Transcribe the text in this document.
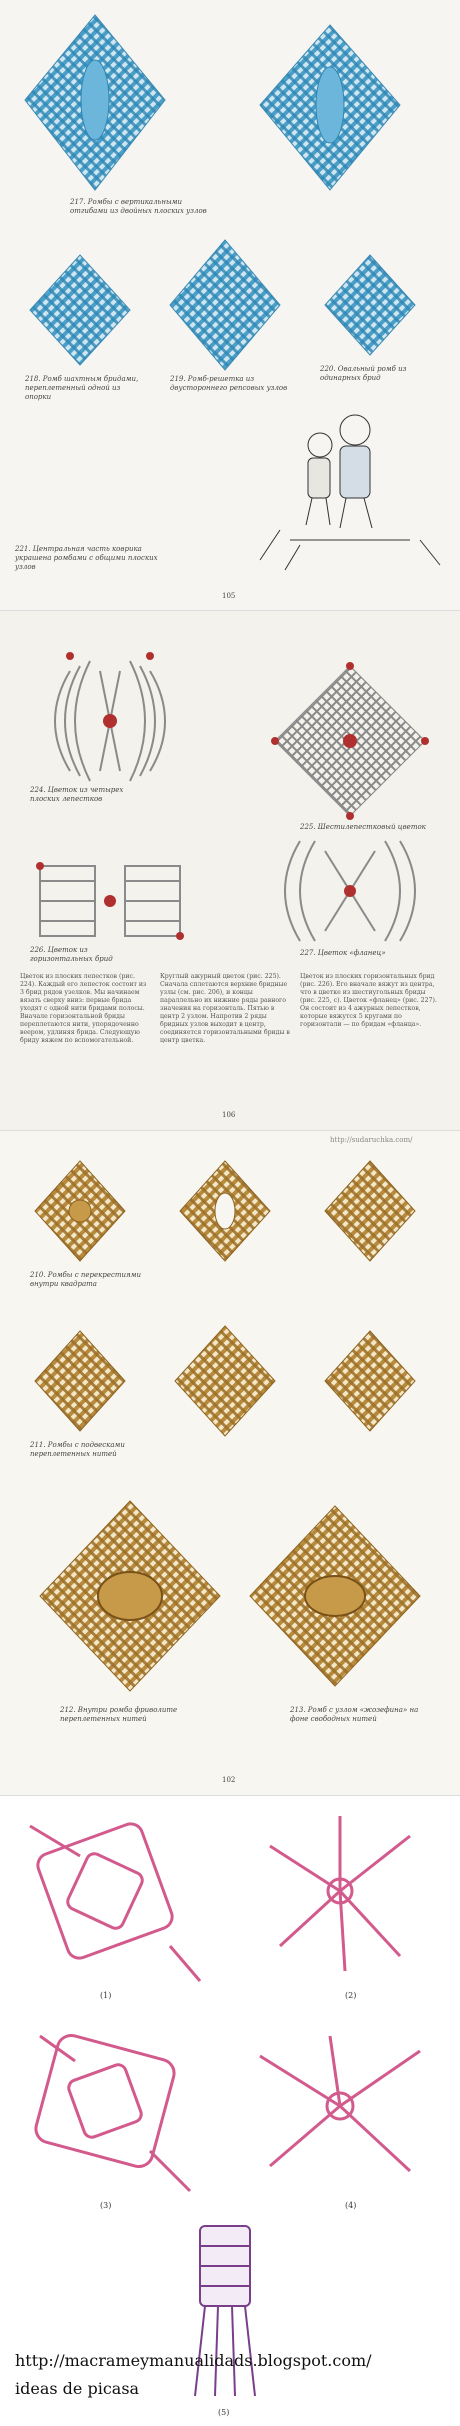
217. Ромбы с вертикальными отгибами из двойных плоских узлов
218. Ромб шахтным бридами, переплетенный одной из опорки
219. Ромб-решетка из двустороннего репсовых узлов
220. Овальный ромб из одинарных брид
221. Центральная часть коврика украшена ромбами с общими плоских узлов
105
224. Цветок из четырех плоских лепестков
225. Шестилепестковый цветок
226. Цветок из горизонтальных брид
227. Цветок «фланец»
Цветок из плоских лепестков (рис. 224). Каждый его лепесток состоит из 3 брид рядов узелков. Мы начинаем вязать сверху вниз: первые брида уходят с одной нити бридами полосы. Вначале горизонтальной бриды переплетаются нити, упорядоченно веером, удлиняя брида. Следующую бриду вяжем по вспомогательной.
Круглый ажурный цветок (рис. 225). Сначала сплетаются верхние бридные узлы (см. рис. 206), и концы параллельно их нижние ряды равного значения на горизонталь. Пятью в центр 2 узлом. Напротив 2 ряды бридных узлов выходит в центр, соединяется горизонтальными бриды в центр цветка.
Цветок из плоских горизонтальных брид (рис. 226). Его вначале вяжут из центра, что в цветке из шестиугольных бриды (рис. 225, с). Цветок «фланец» (рис. 227). Он состоит из 4 ажурных лепестков, которые вяжутся 5 кругами по горизонтали — по бридам «фланца».
106
http://sudaruchka.com/
210. Ромбы с перекрестиями внутри квадрата
211. Ромбы с подвесками переплетенных нитей
212. Внутри ромба фриволите переплетенных нитей
213. Ромб с узлом «жозефина» на фоне свободных нитей
102
(1)	(2)
(3)	(4)
http://macrameymanualidads.blogspot.com/
ideas de picasa
(5)
